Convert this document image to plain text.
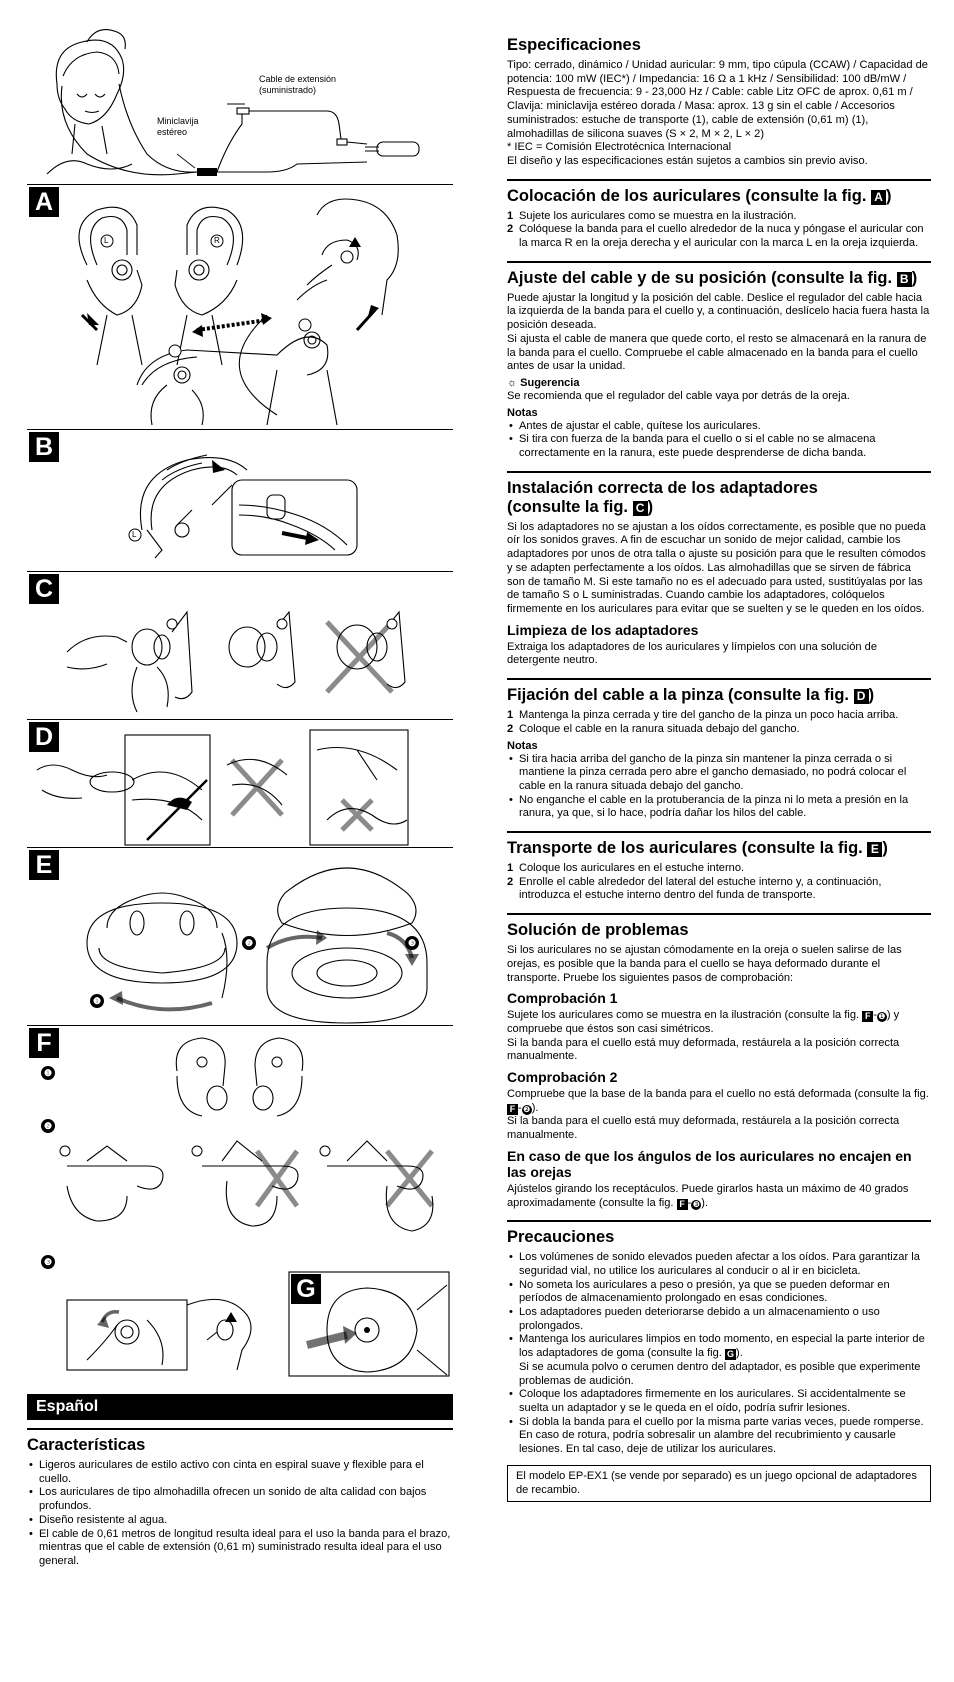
Cable de extensión
(suministrado)
Miniclavija
estéreo
A
L	R
B
L
C
D
E
❶
❷	❸
F
❶
❷
❸
G
Español
Características
• Ligeros auriculares de estilo activo con cinta en espiral suave y flexible para el cuello.
• Los auriculares de tipo almohadilla ofrecen un sonido de alta calidad con bajos profundos.
• Diseño resistente al agua.
• El cable de 0,61 metros de longitud resulta ideal para el uso la banda para el brazo, mientras que el cable de extensión (0,61 m) suministrado resulta ideal para el uso general.
Especificaciones

Tipo: cerrado, dinámico / Unidad auricular: 9 mm, tipo cúpula (CCAW) / Capacidad de potencia: 100 mW (IEC*) / Impedancia: 16 Ω a 1 kHz / Sensibilidad: 100 dB/mW / Respuesta de frecuencia: 9 - 23,000 Hz / Cable: cable Litz OFC de aprox. 0,61 m / Clavija: miniclavija estéreo dorada / Masa: aprox. 13 g sin el cable / Accesorios suministrados: estuche de transporte (1), cable de extensión (0,61 m) (1), almohadillas de silicona suaves (S × 2, M × 2, L × 2)

* IEC = Comisión Electrotécnica Internacional

El diseño y las especificaciones están sujetos a cambios sin previo aviso.

Colocación de los auriculares (consulte la fig. A )
1 Sujete los auriculares como se muestra en la ilustración.
2 Colóquese la banda para el cuello alrededor de la nuca y póngase el auricular con la marca R en la oreja derecha y el auricular con la marca L en la oreja izquierda.
Ajuste del cable y de su posición (consulte la fig. B )

Puede ajustar la longitud y la posición del cable. Deslice el regulador del cable hacia la izquierda de la banda para el cuello y, a continuación, deslícelo hacia fuera hasta la posición deseada.

Si ajusta el cable de manera que quede corto, el resto se almacenará en la ranura de la banda para el cuello. Compruebe el cable almacenado en la banda para el cuello antes de usar la unidad.

☼ Sugerencia

Se recomienda que el regulador del cable vaya por detrás de la oreja.

Notas
• Antes de ajustar el cable, quítese los auriculares.
• Si tira con fuerza de la banda para el cuello o si el cable no se almacena correctamente en la ranura, este puede desprenderse de dicha banda.
Instalación correcta de los adaptadores
(consulte la fig. C )

Si los adaptadores no se ajustan a los oídos correctamente, es posible que no pueda oír los sonidos graves. A fin de escuchar un sonido de mejor calidad, cambie los adaptadores por unos de otra talla o ajuste su posición para que le resulten cómodos y se adapten perfectamente a los oídos. Las almohadillas que se sirven de fábrica son de tamaño M. Si este tamaño no es el adecuado para usted, sustitúyalas por las de tamaño S o L suministradas. Cuando cambie los adaptadores, colóquelos firmemente en los auriculares para evitar que se suelten y se le queden en los oídos.

Limpieza de los adaptadores

Extraiga los adaptadores de los auriculares y límpielos con una solución de detergente neutro.

Fijación del cable a la pinza (consulte la fig. D )
1 Mantenga la pinza cerrada y tire del gancho de la pinza un poco hacia arriba.
2 Coloque el cable en la ranura situada debajo del gancho.
Notas
• Si tira hacia arriba del gancho de la pinza sin mantener la pinza cerrada o si mantiene la pinza cerrada pero abre el gancho demasiado, no podrá colocar el cable en la ranura situada debajo del gancho.
• No enganche el cable en la protuberancia de la pinza ni lo meta a presión en la ranura, ya que, si lo hace, podría dañar los hilos del cable.
Transporte de los auriculares (consulte la fig. E )
1 Coloque los auriculares en el estuche interno.
2 Enrolle el cable alrededor del lateral del estuche interno y, a continuación, introduzca el estuche interno dentro del funda de transporte.
Solución de problemas

Si los auriculares no se ajustan cómodamente en la oreja o suelen salirse de las orejas, es posible que la banda para el cuello se haya deformado durante el transporte. Pruebe los siguientes pasos de comprobación:

Comprobación 1

Sujete los auriculares como se muestra en la ilustración (consulte la fig. F -❶) y compruebe que éstos son casi simétricos.

Si la banda para el cuello está muy deformada, restáurela a la posición correcta manualmente.

Comprobación 2

Compruebe que la base de la banda para el cuello no está deformada (consulte la fig. F -❷).

Si la banda para el cuello está muy deformada, restáurela a la posición correcta manualmente.

En caso de que los ángulos de los auriculares no encajen en las orejas

Ajústelos girando los receptáculos. Puede girarlos hasta un máximo de 40 grados aproximadamente (consulte la fig. F -❸).

Precauciones
• Los volúmenes de sonido elevados pueden afectar a los oídos. Para garantizar la seguridad vial, no utilice los auriculares al conducir o al ir en bicicleta.
• No someta los auriculares a peso o presión, ya que se pueden deformar en períodos de almacenamiento prolongado en esas condiciones.
• Los adaptadores pueden deteriorarse debido a un almacenamiento o uso prolongados.
• Mantenga los auriculares limpios en todo momento, en especial la parte interior de los adaptadores de goma (consulte la fig. G ).
Si se acumula polvo o cerumen dentro del adaptador, es posible que experimente problemas de audición.
• Coloque los adaptadores firmemente en los auriculares. Si accidentalmente se suelta un adaptador y se le queda en el oído, podría sufrir lesiones.
• Si dobla la banda para el cuello por la misma parte varias veces, puede romperse. En caso de rotura, podría sobresalir un alambre del recubrimiento y causarle lesiones. En tal caso, deje de utilizar los auriculares.

El modelo EP-EX1 (se vende por separado) es un juego opcional de adaptadores de recambio.
